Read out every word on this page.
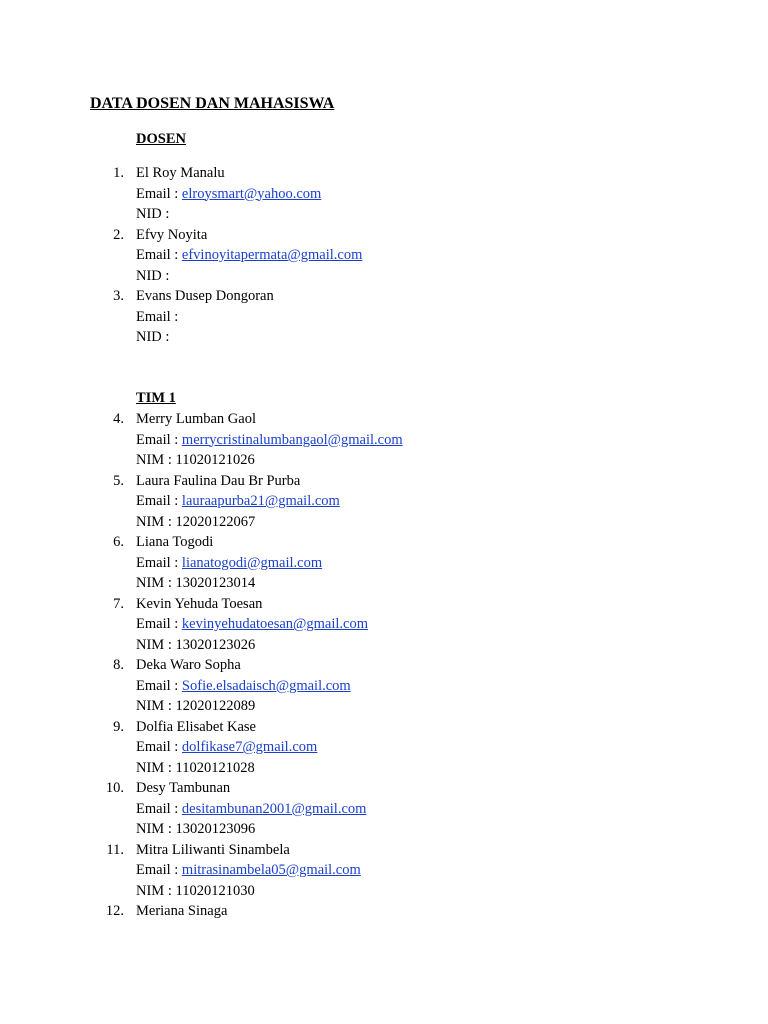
DATA DOSEN DAN MAHASISWA
DOSEN
1. El Roy Manalu
Email : elroysmart@yahoo.com
NID :
2. Efvy Noyita
Email : efvinoyitapermata@gmail.com
NID :
3. Evans Dusep Dongoran
Email :
NID :
TIM 1
4. Merry Lumban Gaol
Email : merrycristinalumbangaol@gmail.com
NIM : 11020121026
5. Laura Faulina Dau Br Purba
Email : lauraapurba21@gmail.com
NIM : 12020122067
6. Liana Togodi
Email : lianatogodi@gmail.com
NIM : 13020123014
7. Kevin Yehuda Toesan
Email : kevinyehudatoesan@gmail.com
NIM : 13020123026
8. Deka Waro Sopha
Email : Sofie.elsadaisch@gmail.com
NIM : 12020122089
9. Dolfia Elisabet Kase
Email : dolfikase7@gmail.com
NIM : 11020121028
10. Desy Tambunan
Email : desitambunan2001@gmail.com
NIM : 13020123096
11. Mitra Liliwanti Sinambela
Email : mitrasinambela05@gmail.com
NIM : 11020121030
12. Meriana Sinaga
